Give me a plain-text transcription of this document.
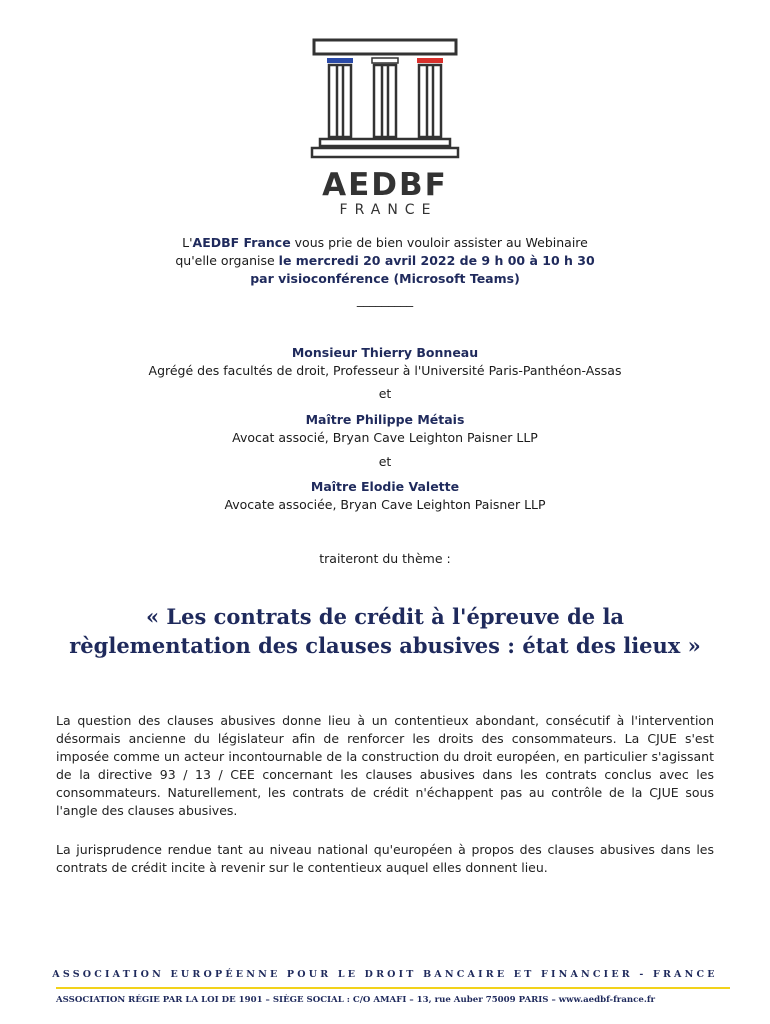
AEDBF
FRANCE
L'AEDBF France vous prie de bien vouloir assister au Webinaire
qu'elle organise le mercredi 20 avril 2022 de 9 h 00 à 10 h 30
par visioconférence (Microsoft Teams)
_________
Monsieur Thierry Bonneau
Agrégé des facultés de droit, Professeur à l'Université Paris-Panthéon-Assas
et
Maître Philippe Métais
Avocat associé, Bryan Cave Leighton Paisner LLP
et
Maître Elodie Valette
Avocate associée, Bryan Cave Leighton Paisner LLP
traiteront du thème :
« Les contrats de crédit à l'épreuve de la
règlementation des clauses abusives : état des lieux »
La question des clauses abusives donne lieu à un contentieux abondant, consécutif à l'intervention désormais ancienne du législateur afin de renforcer les droits des consommateurs. La CJUE s'est imposée comme un acteur incontournable de la construction du droit européen, en particulier s'agissant de la directive 93 / 13 / CEE concernant les clauses abusives dans les contrats conclus avec les consommateurs. Naturellement, les contrats de crédit n'échappent pas au contrôle de la CJUE sous l'angle des clauses abusives.
La jurisprudence rendue tant au niveau national qu'européen à propos des clauses abusives dans les contrats de crédit incite à revenir sur le contentieux auquel elles donnent lieu.
ASSOCIATION EUROPÉENNE POUR LE DROIT BANCAIRE ET FINANCIER - FRANCE
ASSOCIATION RÉGIE PAR LA LOI DE 1901 – SIÈGE SOCIAL : C/O AMAFI – 13, rue Auber 75009 PARIS – www.aedbf-france.fr
